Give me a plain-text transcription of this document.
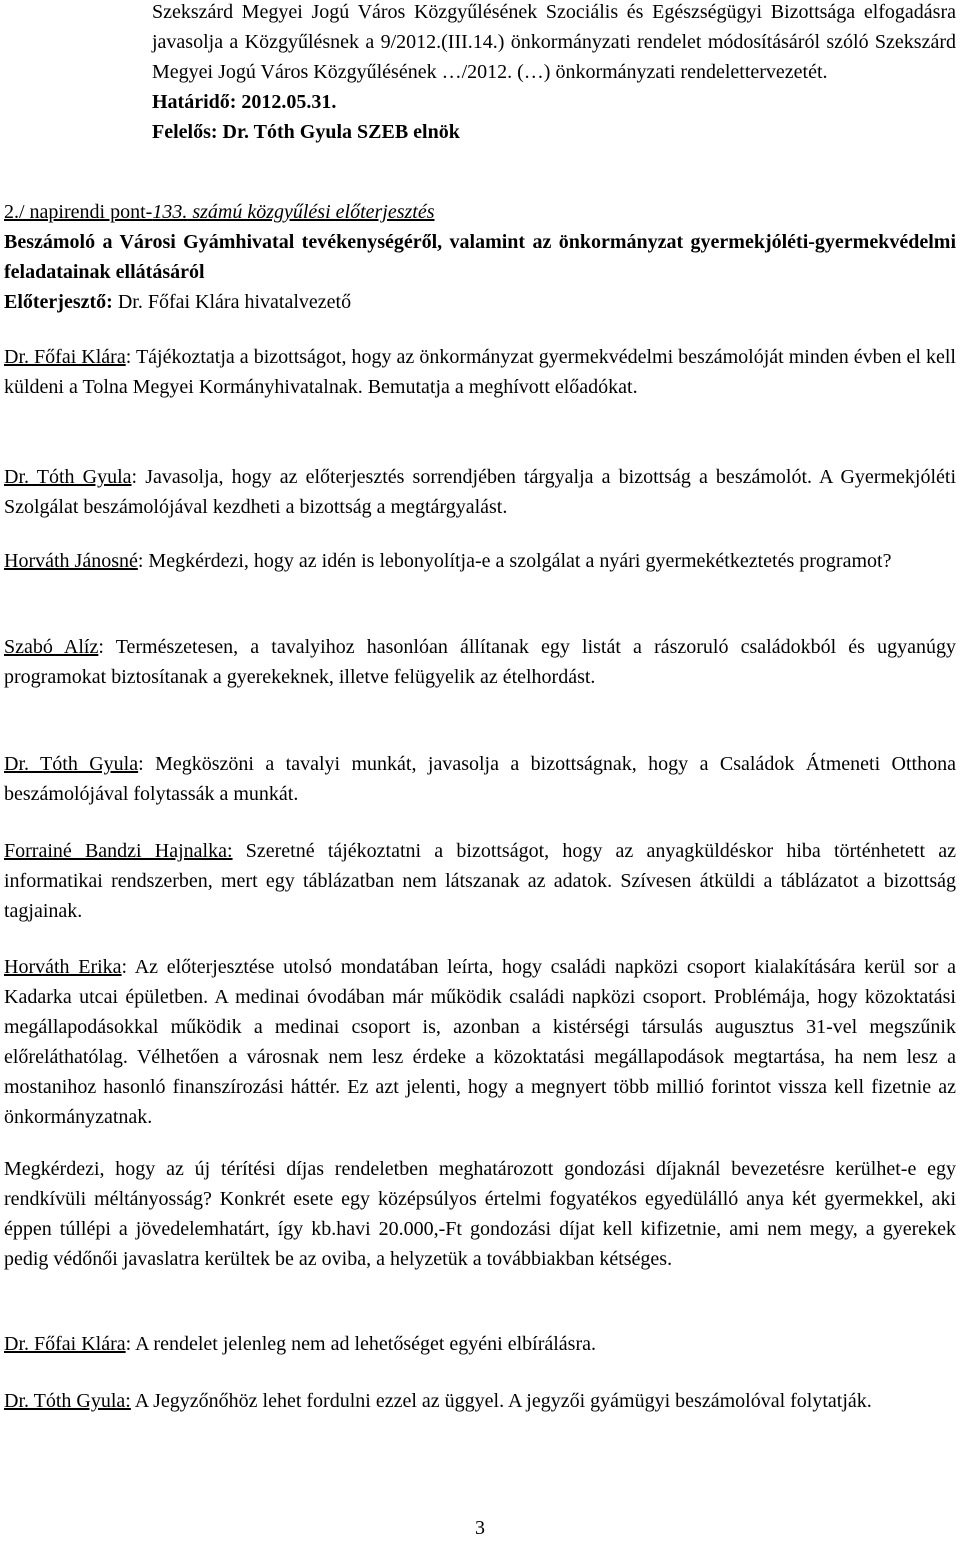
Szekszárd Megyei Jogú Város Közgyűlésének Szociális és Egészségügyi Bizottsága elfogadásra javasolja a Közgyűlésnek a 9/2012.(III.14.) önkormányzati rendelet módosításáról szóló Szekszárd Megyei Jogú Város Közgyűlésének …/2012. (…) önkormányzati rendelettervezetét.
Határidő: 2012.05.31.
Felelős: Dr. Tóth Gyula SZEB elnök

2./ napirendi pont-133. számú közgyűlési előterjesztés
Beszámoló a Városi Gyámhivatal tevékenységéről, valamint az önkormányzat gyermekjóléti-gyermekvédelmi feladatainak ellátásáról
Előterjesztő: Dr. Főfai Klára hivatalvezető

Dr. Főfai Klára: Tájékoztatja a bizottságot, hogy az önkormányzat gyermekvédelmi beszámolóját minden évben el kell küldeni a Tolna Megyei Kormányhivatalnak. Bemutatja a meghívott előadókat.

Dr. Tóth Gyula: Javasolja, hogy az előterjesztés sorrendjében tárgyalja a bizottság a beszámolót. A Gyermekjóléti Szolgálat beszámolójával kezdheti a bizottság a megtárgyalást.

Horváth Jánosné: Megkérdezi, hogy az idén is lebonyolítja-e a szolgálat a nyári gyermekétkeztetés programot?

Szabó Alíz: Természetesen, a tavalyihoz hasonlóan állítanak egy listát a rászoruló családokból és ugyanúgy programokat biztosítanak a gyerekeknek, illetve felügyelik az ételhordást.

Dr. Tóth Gyula: Megköszöni a tavalyi munkát, javasolja a bizottságnak, hogy a Családok Átmeneti Otthona beszámolójával folytassák a munkát.

Forrainé Bandzi Hajnalka: Szeretné tájékoztatni a bizottságot, hogy az anyagküldéskor hiba történhetett az informatikai rendszerben, mert egy táblázatban nem látszanak az adatok. Szívesen átküldi a táblázatot a bizottság tagjainak.

Horváth Erika: Az előterjesztése utolsó mondatában leírta, hogy családi napközi csoport kialakítására kerül sor a Kadarka utcai épületben. A medinai óvodában már működik családi napközi csoport. Problémája, hogy közoktatási megállapodásokkal működik a medinai csoport is, azonban a kistérségi társulás augusztus 31-vel megszűnik előreláthatólag. Vélhetően a városnak nem lesz érdeke a közoktatási megállapodások megtartása, ha nem lesz a mostanihoz hasonló finanszírozási háttér. Ez azt jelenti, hogy a megnyert több millió forintot vissza kell fizetnie az önkormányzatnak.

Megkérdezi, hogy az új térítési díjas rendeletben meghatározott gondozási díjaknál bevezetésre kerülhet-e egy rendkívüli méltányosság? Konkrét esete egy középsúlyos értelmi fogyatékos egyedülálló anya két gyermekkel, aki éppen túllépi a jövedelemhatárt, így kb.havi 20.000,-Ft gondozási díjat kell kifizetnie, ami nem megy, a gyerekek pedig védőnői javaslatra kerültek be az oviba, a helyzetük a továbbiakban kétséges.

Dr. Főfai Klára: A rendelet jelenleg nem ad lehetőséget egyéni elbírálásra.

Dr. Tóth Gyula: A Jegyzőnőhöz lehet fordulni ezzel az üggyel. A jegyzői gyámügyi beszámolóval folytatják.

3
